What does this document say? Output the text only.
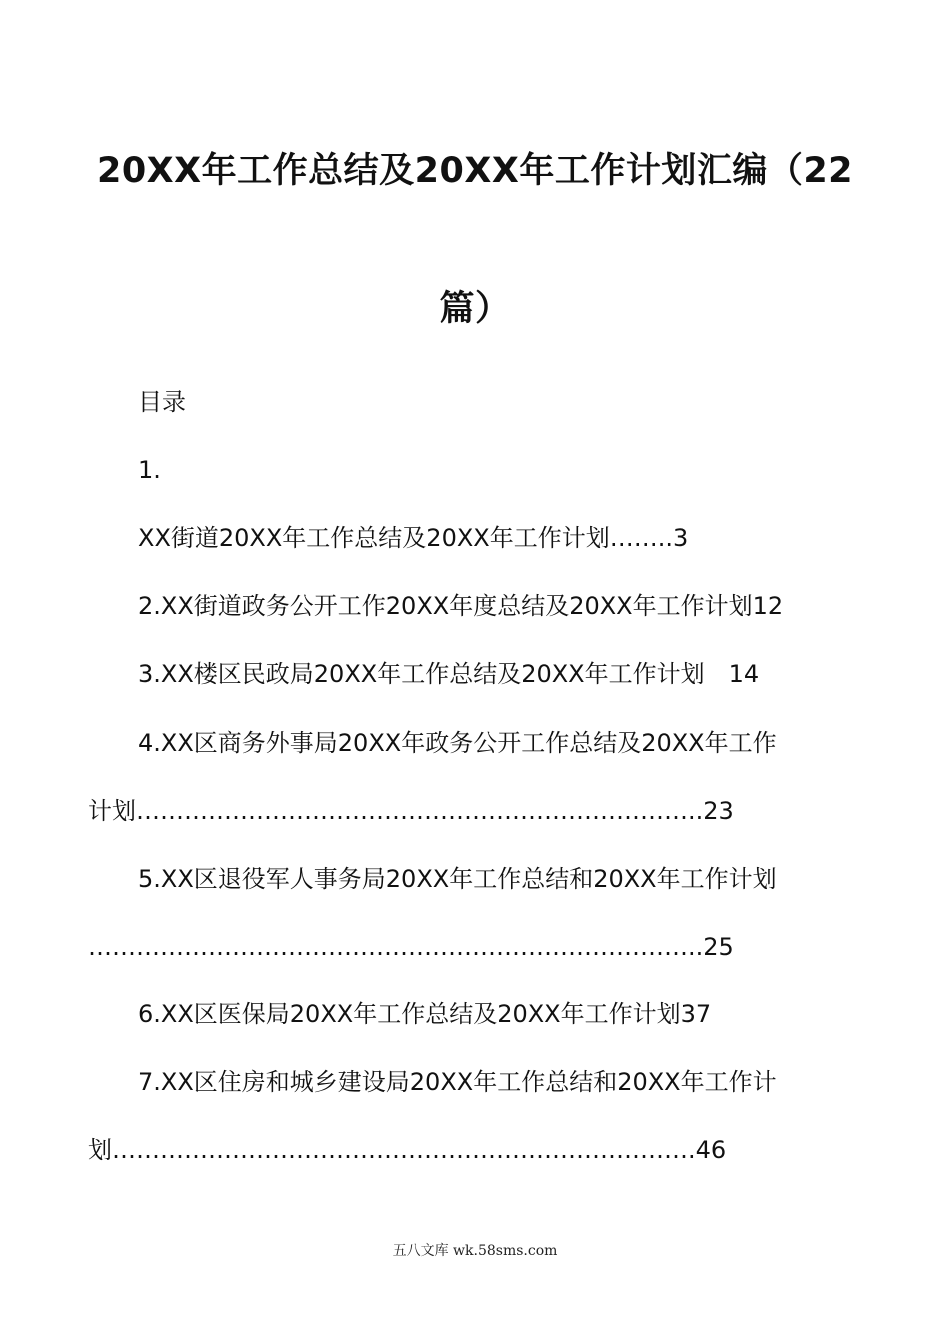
20XX年工作总结及20XX年工作计划汇编（22
篇）
目录
1.
XX街道20XX年工作总结及20XX年工作计划……..3
2.XX街道政务公开工作20XX年度总结及20XX年工作计划12
3.XX楼区民政局20XX年工作总结及20XX年工作计划　14
4.XX区商务外事局20XX年政务公开工作总结及20XX年工作
计划……………………………………………………………..23
5.XX区退役军人事务局20XX年工作总结和20XX年工作计划
…………………………………………………………………..25
6.XX区医保局20XX年工作总结及20XX年工作计划37
7.XX区住房和城乡建设局20XX年工作总结和20XX年工作计
划……………………………………………………………….46
五八文库 wk.58sms.com
